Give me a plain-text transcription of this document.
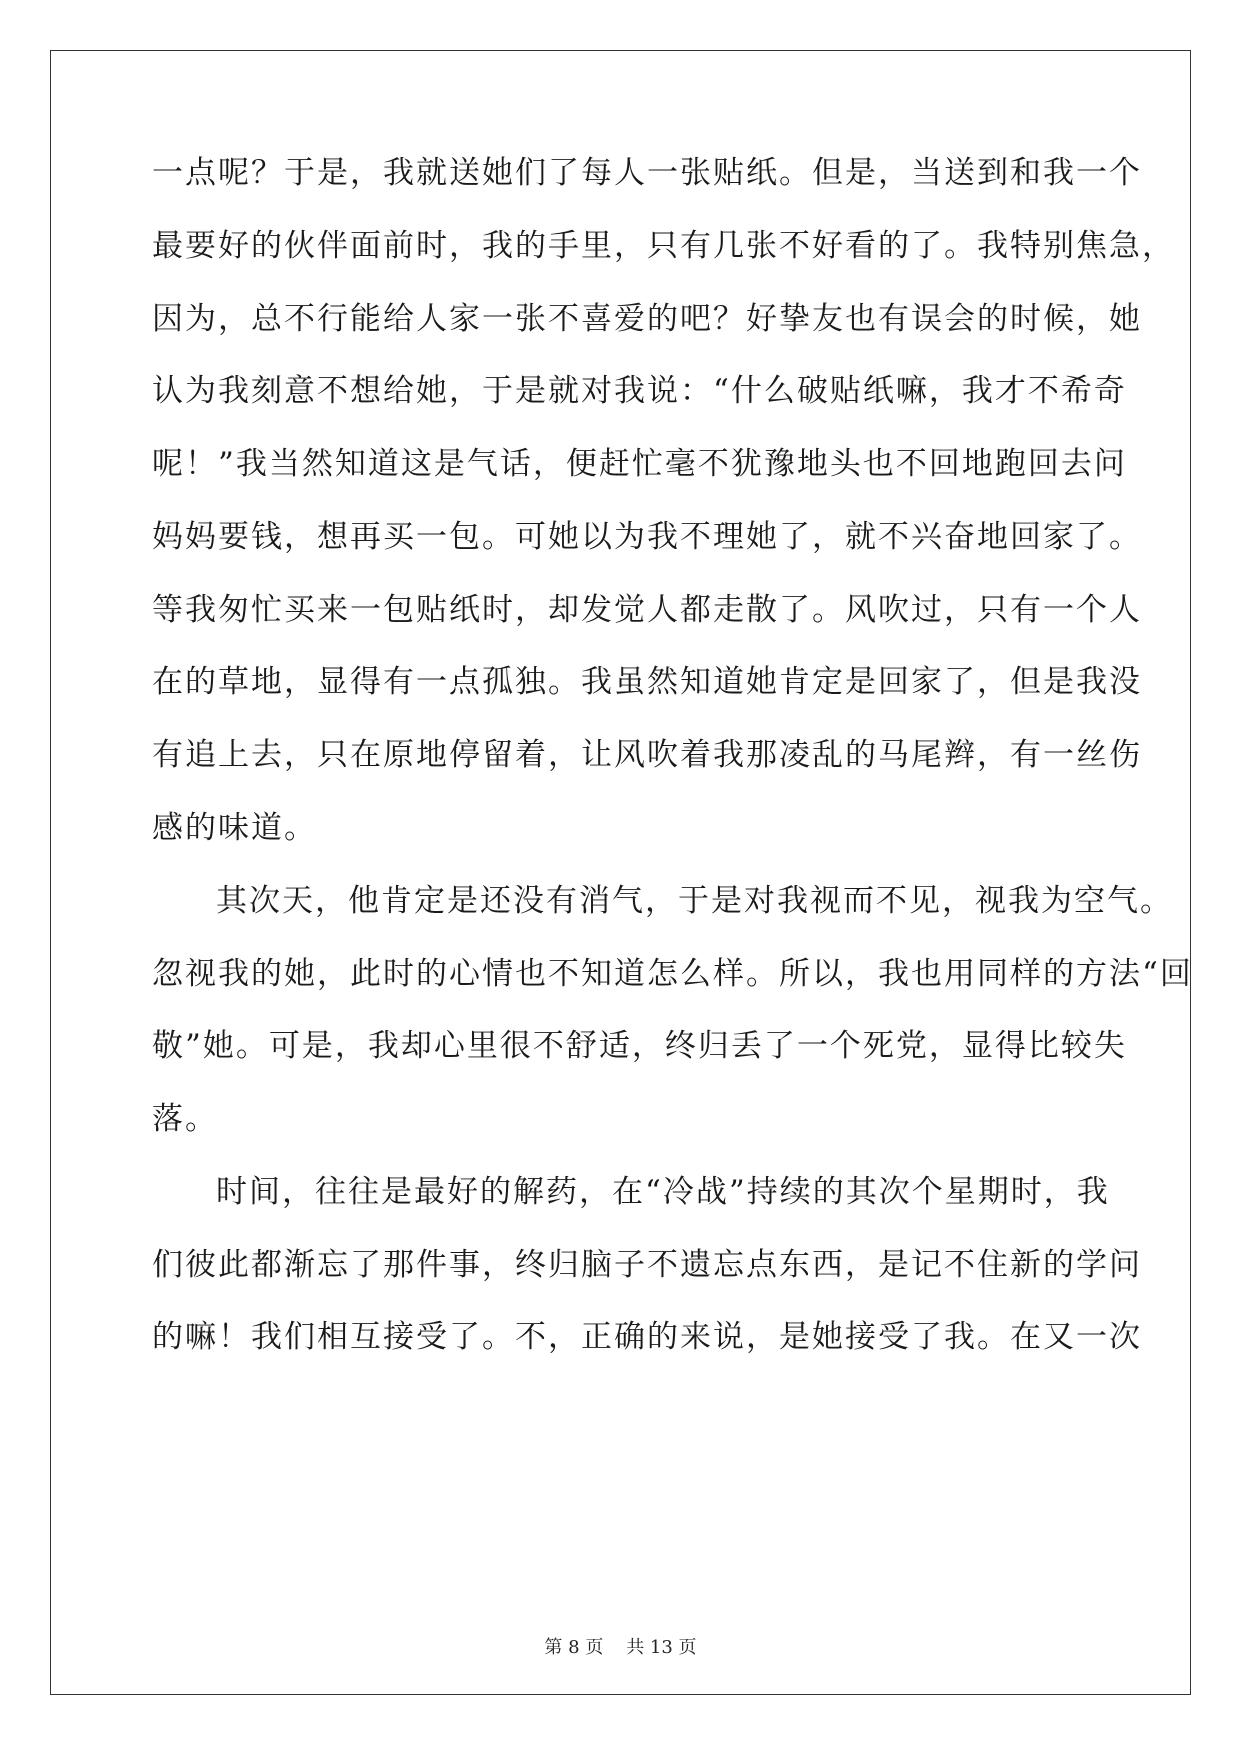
一点呢？于是，我就送她们了每人一张贴纸。但是，当送到和我一个
最要好的伙伴面前时，我的手里，只有几张不好看的了。我特别焦急，
因为，总不行能给人家一张不喜爱的吧？好挚友也有误会的时候，她
认为我刻意不想给她，于是就对我说：“什么破贴纸嘛，我才不希奇
呢！”我当然知道这是气话，便赶忙毫不犹豫地头也不回地跑回去问
妈妈要钱，想再买一包。可她以为我不理她了，就不兴奋地回家了。
等我匆忙买来一包贴纸时，却发觉人都走散了。风吹过，只有一个人
在的草地，显得有一点孤独。我虽然知道她肯定是回家了，但是我没
有追上去，只在原地停留着，让风吹着我那凌乱的马尾辫，有一丝伤
感的味道。
其次天，他肯定是还没有消气，于是对我视而不见，视我为空气。
忽视我的她，此时的心情也不知道怎么样。所以，我也用同样的方法“回
敬”她。可是，我却心里很不舒适，终归丢了一个死党，显得比较失
落。
时间，往往是最好的解药，在“冷战”持续的其次个星期时，我
们彼此都渐忘了那件事，终归脑子不遗忘点东西，是记不住新的学问
的嘛！我们相互接受了。不，正确的来说，是她接受了我。在又一次
第 8 页    共 13 页
